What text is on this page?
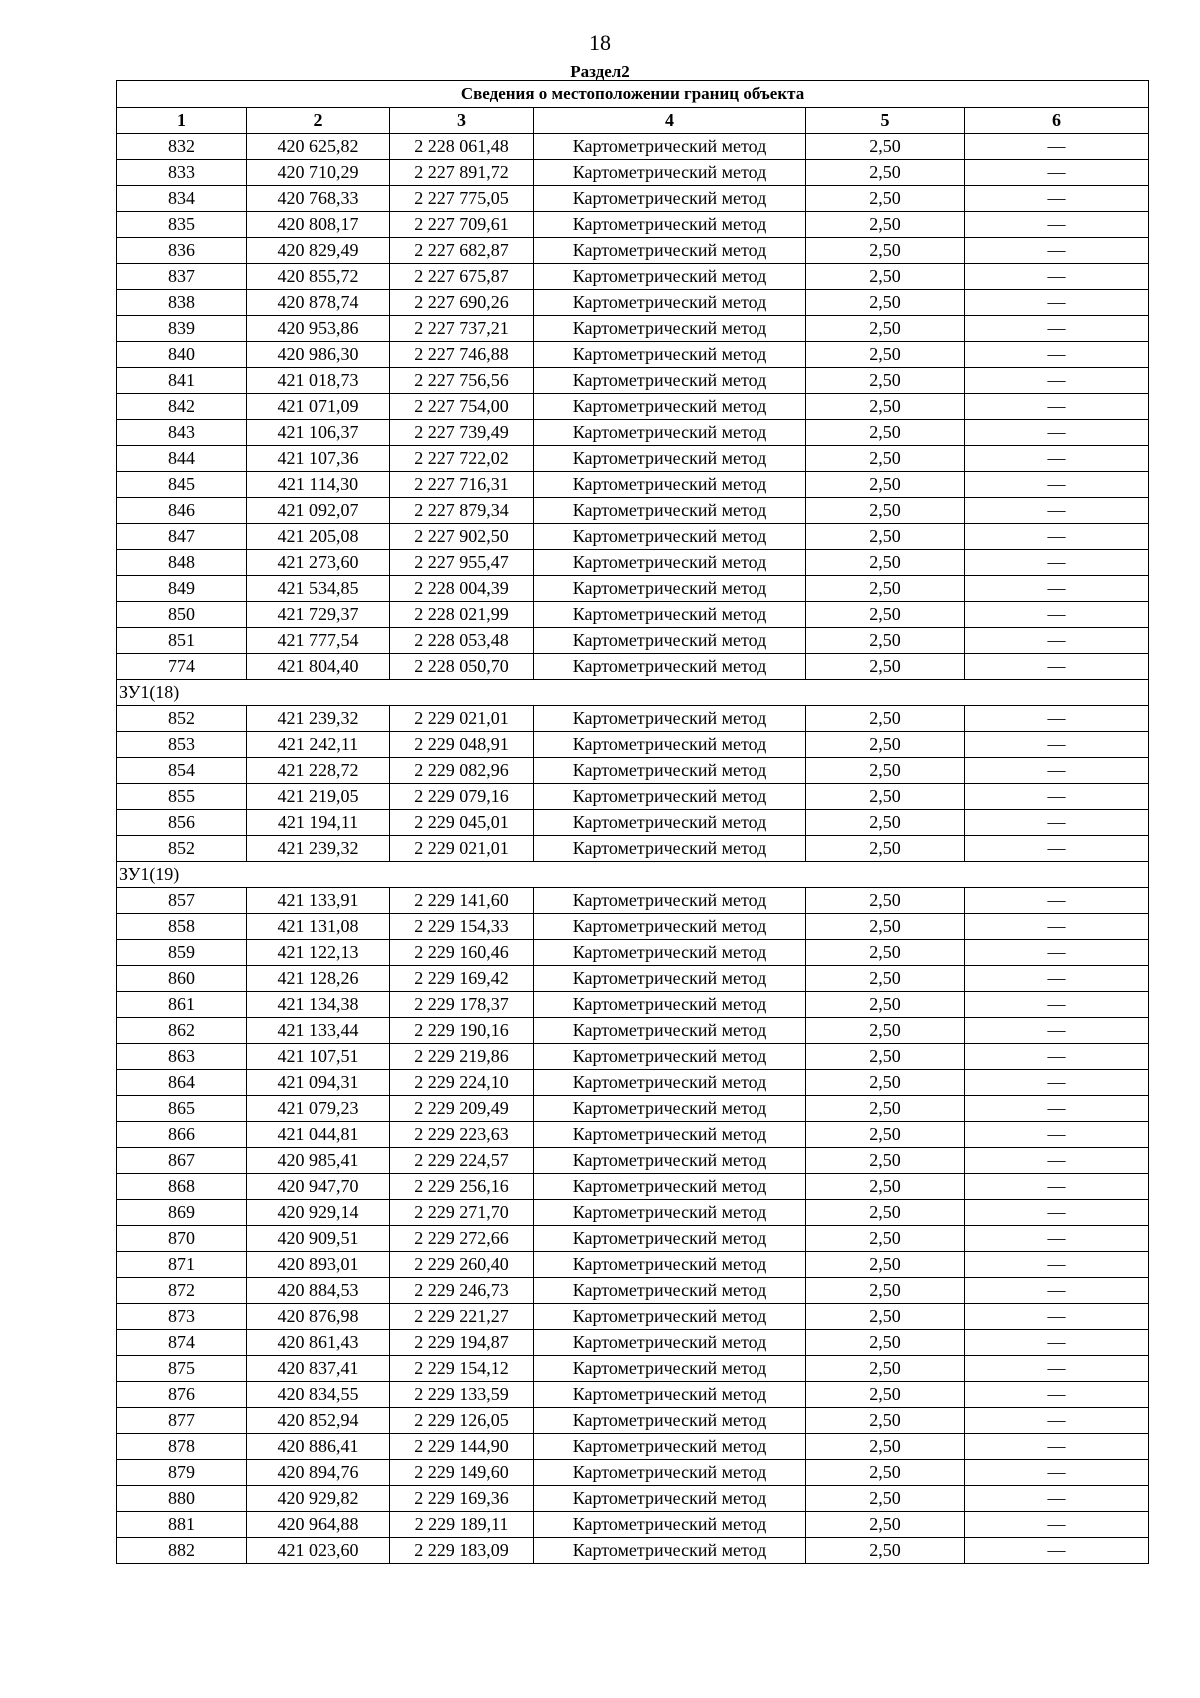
18
Раздел2
Сведения о местоположении границ объекта					
1	2	3	4	5	6
832	420 625,82	2 228 061,48	Картометрический метод	2,50	—
833	420 710,29	2 227 891,72	Картометрический метод	2,50	—
834	420 768,33	2 227 775,05	Картометрический метод	2,50	—
835	420 808,17	2 227 709,61	Картометрический метод	2,50	—
836	420 829,49	2 227 682,87	Картометрический метод	2,50	—
837	420 855,72	2 227 675,87	Картометрический метод	2,50	—
838	420 878,74	2 227 690,26	Картометрический метод	2,50	—
839	420 953,86	2 227 737,21	Картометрический метод	2,50	—
840	420 986,30	2 227 746,88	Картометрический метод	2,50	—
841	421 018,73	2 227 756,56	Картометрический метод	2,50	—
842	421 071,09	2 227 754,00	Картометрический метод	2,50	—
843	421 106,37	2 227 739,49	Картометрический метод	2,50	—
844	421 107,36	2 227 722,02	Картометрический метод	2,50	—
845	421 114,30	2 227 716,31	Картометрический метод	2,50	—
846	421 092,07	2 227 879,34	Картометрический метод	2,50	—
847	421 205,08	2 227 902,50	Картометрический метод	2,50	—
848	421 273,60	2 227 955,47	Картометрический метод	2,50	—
849	421 534,85	2 228 004,39	Картометрический метод	2,50	—
850	421 729,37	2 228 021,99	Картометрический метод	2,50	—
851	421 777,54	2 228 053,48	Картометрический метод	2,50	—
774	421 804,40	2 228 050,70	Картометрический метод	2,50	—
ЗУ1(18)					
852	421 239,32	2 229 021,01	Картометрический метод	2,50	—
853	421 242,11	2 229 048,91	Картометрический метод	2,50	—
854	421 228,72	2 229 082,96	Картометрический метод	2,50	—
855	421 219,05	2 229 079,16	Картометрический метод	2,50	—
856	421 194,11	2 229 045,01	Картометрический метод	2,50	—
852	421 239,32	2 229 021,01	Картометрический метод	2,50	—
ЗУ1(19)					
857	421 133,91	2 229 141,60	Картометрический метод	2,50	—
858	421 131,08	2 229 154,33	Картометрический метод	2,50	—
859	421 122,13	2 229 160,46	Картометрический метод	2,50	—
860	421 128,26	2 229 169,42	Картометрический метод	2,50	—
861	421 134,38	2 229 178,37	Картометрический метод	2,50	—
862	421 133,44	2 229 190,16	Картометрический метод	2,50	—
863	421 107,51	2 229 219,86	Картометрический метод	2,50	—
864	421 094,31	2 229 224,10	Картометрический метод	2,50	—
865	421 079,23	2 229 209,49	Картометрический метод	2,50	—
866	421 044,81	2 229 223,63	Картометрический метод	2,50	—
867	420 985,41	2 229 224,57	Картометрический метод	2,50	—
868	420 947,70	2 229 256,16	Картометрический метод	2,50	—
869	420 929,14	2 229 271,70	Картометрический метод	2,50	—
870	420 909,51	2 229 272,66	Картометрический метод	2,50	—
871	420 893,01	2 229 260,40	Картометрический метод	2,50	—
872	420 884,53	2 229 246,73	Картометрический метод	2,50	—
873	420 876,98	2 229 221,27	Картометрический метод	2,50	—
874	420 861,43	2 229 194,87	Картометрический метод	2,50	—
875	420 837,41	2 229 154,12	Картометрический метод	2,50	—
876	420 834,55	2 229 133,59	Картометрический метод	2,50	—
877	420 852,94	2 229 126,05	Картометрический метод	2,50	—
878	420 886,41	2 229 144,90	Картометрический метод	2,50	—
879	420 894,76	2 229 149,60	Картометрический метод	2,50	—
880	420 929,82	2 229 169,36	Картометрический метод	2,50	—
881	420 964,88	2 229 189,11	Картометрический метод	2,50	—
882	421 023,60	2 229 183,09	Картометрический метод	2,50	—
